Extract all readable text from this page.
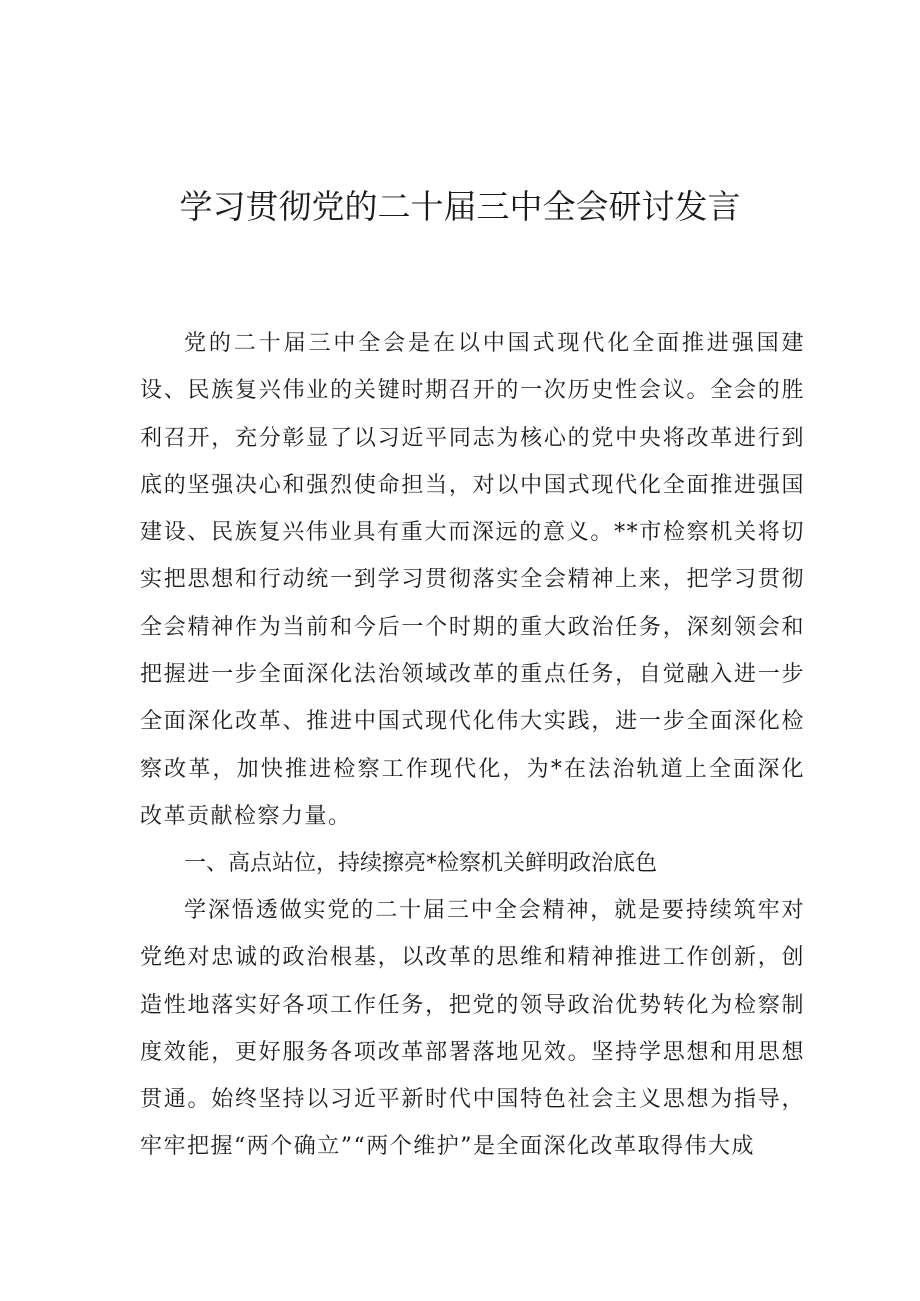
学习贯彻党的二十届三中全会研讨发言

党的二十届三中全会是在以中国式现代化全面推进强国建设、民族复兴伟业的关键时期召开的一次历史性会议。全会的胜利召开，充分彰显了以习近平同志为核心的党中央将改革进行到底的坚强决心和强烈使命担当，对以中国式现代化全面推进强国建设、民族复兴伟业具有重大而深远的意义。**市检察机关将切实把思想和行动统一到学习贯彻落实全会精神上来，把学习贯彻全会精神作为当前和今后一个时期的重大政治任务，深刻领会和把握进一步全面深化法治领域改革的重点任务，自觉融入进一步全面深化改革、推进中国式现代化伟大实践，进一步全面深化检察改革，加快推进检察工作现代化，为*在法治轨道上全面深化改革贡献检察力量。

一、高点站位，持续擦亮*检察机关鲜明政治底色

学深悟透做实党的二十届三中全会精神，就是要持续筑牢对党绝对忠诚的政治根基，以改革的思维和精神推进工作创新，创造性地落实好各项工作任务，把党的领导政治优势转化为检察制度效能，更好服务各项改革部署落地见效。坚持学思想和用思想贯通。始终坚持以习近平新时代中国特色社会主义思想为指导，牢牢把握“两个确立”“两个维护”是全面深化改革取得伟大成
